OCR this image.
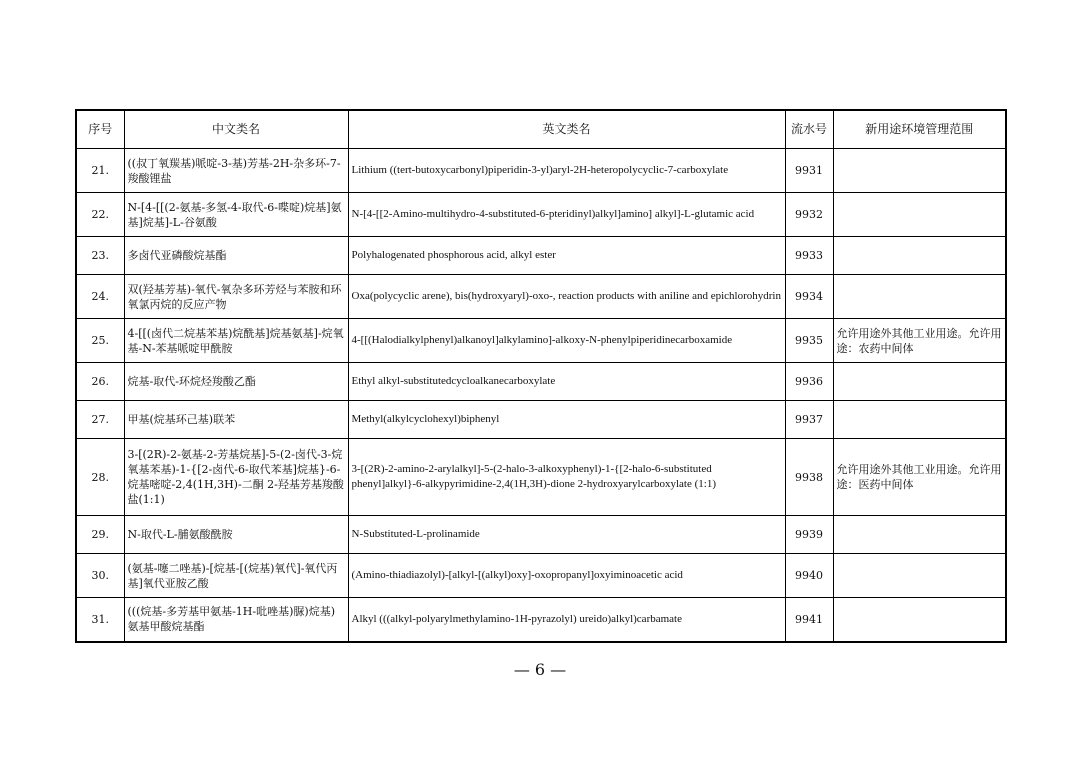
序号	中文类名	英文类名	流水号	新用途环境管理范围
21.	((叔丁氧羰基)哌啶-3-基)芳基-2H-杂多环-7-羧酸锂盐	Lithium ((tert-butoxycarbonyl)piperidin-3-yl)aryl-2H-heteropolycyclic-7-carboxylate	9931	
22.	N-[4-[[(2-氨基-多氢-4-取代-6-喋啶)烷基]氨基]烷基]-L-谷氨酸	N-[4-[[2-Amino-multihydro-4-substituted-6-pteridinyl)alkyl]amino] alkyl]-L-glutamic acid	9932	
23.	多卤代亚磷酸烷基酯	Polyhalogenated phosphorous acid, alkyl ester	9933	
24.	双(羟基芳基)-氧代-氧杂多环芳烃与苯胺和环氧氯丙烷的反应产物	Oxa(polycyclic arene), bis(hydroxyaryl)-oxo-, reaction products with aniline and epichlorohydrin	9934	
25.	4-[[(卤代二烷基苯基)烷酰基]烷基氨基]-烷氧基-N-苯基哌啶甲酰胺	4-[[(Halodialkylphenyl)alkanoyl]alkylamino]-alkoxy-N-phenylpiperidinecarboxamide	9935	允许用途外其他工业用途。允许用途：农药中间体
26.	烷基-取代-环烷烃羧酸乙酯	Ethyl alkyl-substitutedcycloalkanecarboxylate	9936	
27.	甲基(烷基环己基)联苯	Methyl(alkylcyclohexyl)biphenyl	9937	
28.	3-[(2R)-2-氨基-2-芳基烷基]-5-(2-卤代-3-烷氧基苯基)-1-{[2-卤代-6-取代苯基]烷基}-6-烷基嘧啶-2,4(1H,3H)-二酮 2-羟基芳基羧酸盐(1:1)	3-[(2R)-2-amino-2-arylalkyl]-5-(2-halo-3-alkoxyphenyl)-1-{[2-halo-6-substituted phenyl]alkyl}-6-alkypyrimidine-2,4(1H,3H)-dione 2-hydroxyarylcarboxylate (1:1)	9938	允许用途外其他工业用途。允许用途：医药中间体
29.	N-取代-L-脯氨酸酰胺	N-Substituted-L-prolinamide	9939	
30.	(氨基-噻二唑基)-[烷基-[(烷基)氧代]-氧代丙基]氧代亚胺乙酸	(Amino-thiadiazolyl)-[alkyl-[(alkyl)oxy]-oxopropanyl]oxyiminoacetic acid	9940	
31.	(((烷基-多芳基甲氨基-1H-吡唑基)脲)烷基)氨基甲酸烷基酯	Alkyl (((alkyl-polyarylmethylamino-1H-pyrazolyl) ureido)alkyl)carbamate	9941	
— 6 —
